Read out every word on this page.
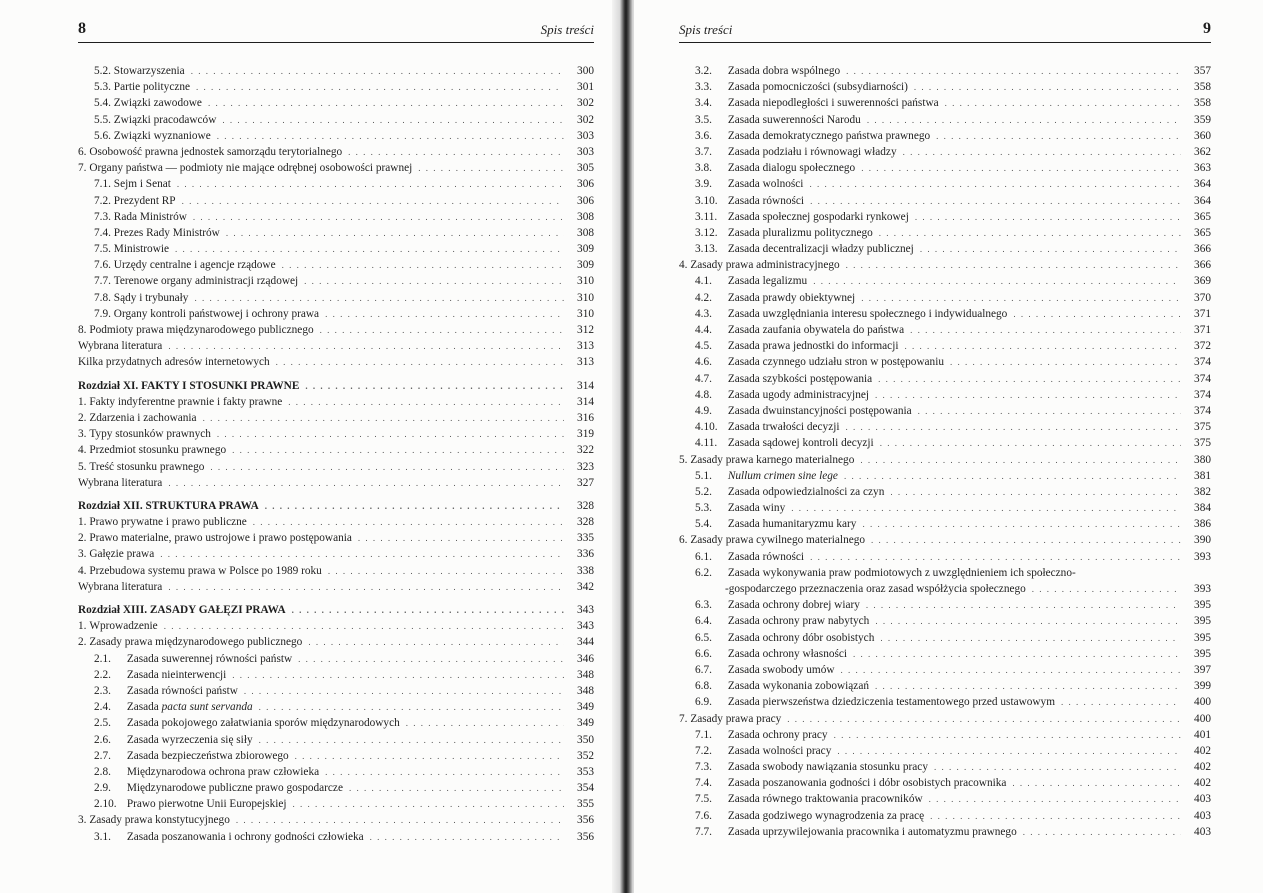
8	Spis treści
5.2.
Stowarzyszenia . . .	300
5.3.
Partie polityczne . . .	301
5.4.
Związki zawodowe . . .	302
5.5.
Związki pracodawców . . .	302
5.6.
Związki wyznaniowe . . .	303
6.
Osobowość prawna jednostek samorządu terytorialnego . . .	303
7.
Organy państwa — podmioty nie mające odrębnej osobowości prawnej . . .	305
7.1.
Sejm i Senat . . .	306
7.2.
Prezydent RP . . .	306
7.3.
Rada Ministrów . . .	308
7.4.
Prezes Rady Ministrów . . .	308
7.5.
Ministrowie . . .	309
7.6.
Urzędy centralne i agencje rządowe . . .	309
7.7.
Terenowe organy administracji rządowej . . .	310
7.8.
Sądy i trybunały . . .	310
7.9.
Organy kontroli państwowej i ochrony prawa . . .	310
8.
Podmioty prawa międzynarodowego publicznego . . .	312
Wybrana literatura . . .	313
Kilka przydatnych adresów internetowych . . .	313
Rozdział XI. FAKTY I STOSUNKI PRAWNE . . .	314
1.
Fakty indyferentne prawnie i fakty prawne . . .	314
2.
Zdarzenia i zachowania . . .	316
3.
Typy stosunków prawnych . . .	319
4.
Przedmiot stosunku prawnego . . .	322
5.
Treść stosunku prawnego . . .	323
Wybrana literatura . . .	327
Rozdział XII. STRUKTURA PRAWA . . .	328
1.
Prawo prywatne i prawo publiczne . . .	328
2.
Prawo materialne, prawo ustrojowe i prawo postępowania . . .	335
3.
Gałęzie prawa . . .	336
4.
Przebudowa systemu prawa w Polsce po 1989 roku . . .	338
Wybrana literatura . . .	342
Rozdział XIII. ZASADY GAŁĘZI PRAWA . . .	343
1.
Wprowadzenie . . .	343
2.
Zasady prawa międzynarodowego publicznego . . .	344
2.1.
	Zasada suwerennej równości państw . . .	346
2.2.
	Zasada nieinterwencji . . .	348
2.3.
	Zasada równości państw . . .	348
2.4.
	Zasada pacta sunt servanda . . .	349
2.5.
	Zasada pokojowego załatwiania sporów międzynarodowych . . .	349
2.6.
	Zasada wyrzeczenia się siły . . .	350
2.7.
	Zasada bezpieczeństwa zbiorowego . . .	352
2.8.
	Międzynarodowa ochrona praw człowieka . . .	353
2.9.
	Międzynarodowe publiczne prawo gospodarcze . . .	354
2.10.
Prawo pierwotne Unii Europejskiej . . .	355
3.
Zasady prawa konstytucyjnego . . .	356
3.1.
	Zasada poszanowania i ochrony godności człowieka . . .	356
Spis treści	9
3.2.
	Zasada dobra wspólnego . . .	357
3.3.
	Zasada pomocniczości (subsydiarności) . . .	358
3.4.
	Zasada niepodległości i suwerenności państwa . . .	358
3.5.
	Zasada suwerenności Narodu . . .	359
3.6.
	Zasada demokratycznego państwa prawnego . . .	360
3.7.
	Zasada podziału i równowagi władzy . . .	362
3.8.
	Zasada dialogu społecznego . . .	363
3.9.
	Zasada wolności . . .	364
3.10.
Zasada równości . . .	364
3.11.
Zasada społecznej gospodarki rynkowej . . .	365
3.12.
Zasada pluralizmu politycznego . . .	365
3.13.
Zasada decentralizacji władzy publicznej . . .	366
4.
Zasady prawa administracyjnego . . .	366
4.1.
	Zasada legalizmu . . .	369
4.2.
	Zasada prawdy obiektywnej . . .	370
4.3.
	Zasada uwzględniania interesu społecznego i indywidualnego . . .	371
4.4.
	Zasada zaufania obywatela do państwa . . .	371
4.5.
	Zasada prawa jednostki do informacji . . .	372
4.6.
	Zasada czynnego udziału stron w postępowaniu . . .	374
4.7.
	Zasada szybkości postępowania . . .	374
4.8.
	Zasada ugody administracyjnej . . .	374
4.9.
	Zasada dwuinstancyjności postępowania . . .	374
4.10.
Zasada trwałości decyzji . . .	375
4.11.
Zasada sądowej kontroli decyzji . . .	375
5.
Zasady prawa karnego materialnego . . .	380
5.1.
	Nullum crimen sine lege . . .	381
5.2.
	Zasada odpowiedzialności za czyn . . .	382
5.3.
	Zasada winy . . .	384
5.4.
	Zasada humanitaryzmu kary . . .	386
6.
Zasady prawa cywilnego materialnego . . .	390
6.1.
	Zasada równości . . .	393
6.2.
	Zasada wykonywania praw podmiotowych z uwzględnieniem ich społeczno-
-gospodarczego przeznaczenia oraz zasad współżycia społecznego . . .	393
6.3.
	Zasada ochrony dobrej wiary . . .	395
6.4.
	Zasada ochrony praw nabytych . . .	395
6.5.
	Zasada ochrony dóbr osobistych . . .	395
6.6.
	Zasada ochrony własności . . .	395
6.7.
	Zasada swobody umów . . .	397
6.8.
	Zasada wykonania zobowiązań . . .	399
6.9.
	Zasada pierwszeństwa dziedziczenia testamentowego przed ustawowym . . .	400
7.
Zasady prawa pracy . . .	400
7.1.
	Zasada ochrony pracy . . .	401
7.2.
	Zasada wolności pracy . . .	402
7.3.
	Zasada swobody nawiązania stosunku pracy . . .	402
7.4.
	Zasada poszanowania godności i dóbr osobistych pracownika . . .	402
7.5.
	Zasada równego traktowania pracowników . . .	403
7.6.
	Zasada godziwego wynagrodzenia za pracę . . .	403
7.7.
	Zasada uprzywilejowania pracownika i automatyzmu prawnego . . .	403
